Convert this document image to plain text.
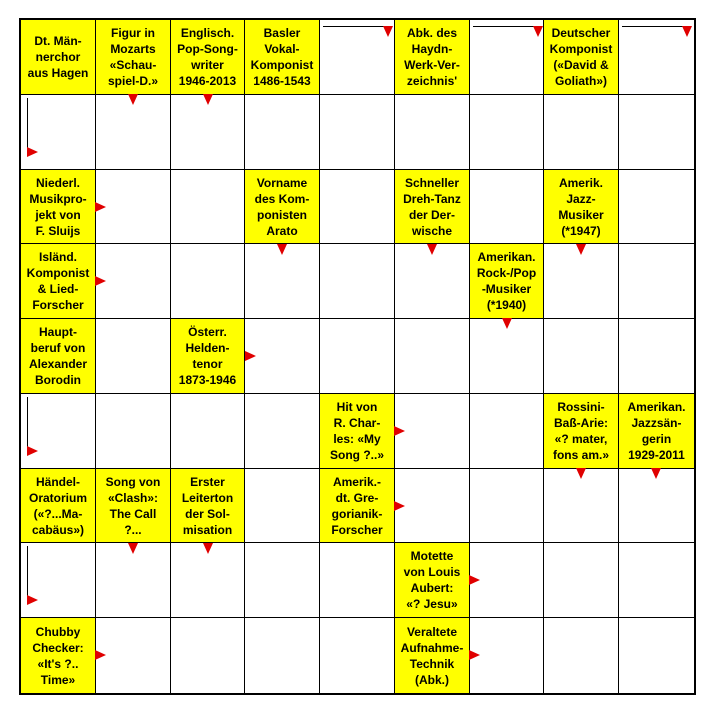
Dt. Män-
nerchor
aus Hagen
Figur in
Mozarts
«Schau-
spiel-D.»
Englisch.
Pop-Song-
writer
1946-2013
Basler
Vokal-
Komponist
1486-1543
Abk. des
Haydn-
Werk-Ver-
zeichnis'
Deutscher
Komponist
(«David &
Goliath»)
Niederl.
Musikpro-
jekt von
F. Sluijs
Vorname
des Kom-
ponisten
Arato
Schneller
Dreh-Tanz
der Der-
wische
Amerik.
Jazz-
Musiker
(*1947)
Isländ.
Komponist
& Lied-
Forscher
Amerikan.
Rock-/Pop
-Musiker
(*1940)
Haupt-
beruf von
Alexander
Borodin
Österr.
Helden-
tenor
1873-1946
Hit von
R. Char-
les: «My
Song ?..»
Rossini-
Baß-Arie:
«? mater,
fons am.»
Amerikan.
Jazzsän-
gerin
1929-2011
Händel-
Oratorium
(«?...Ma-
cabäus»)
Song von
«Clash»:
The Call
?...
Erster
Leiterton
der Sol-
misation
Amerik.-
dt. Gre-
gorianik-
Forscher
Motette
von Louis
Aubert:
«? Jesu»
Chubby
Checker:
«It's ?..
Time»
Veraltete
Aufnahme-
Technik
(Abk.)
